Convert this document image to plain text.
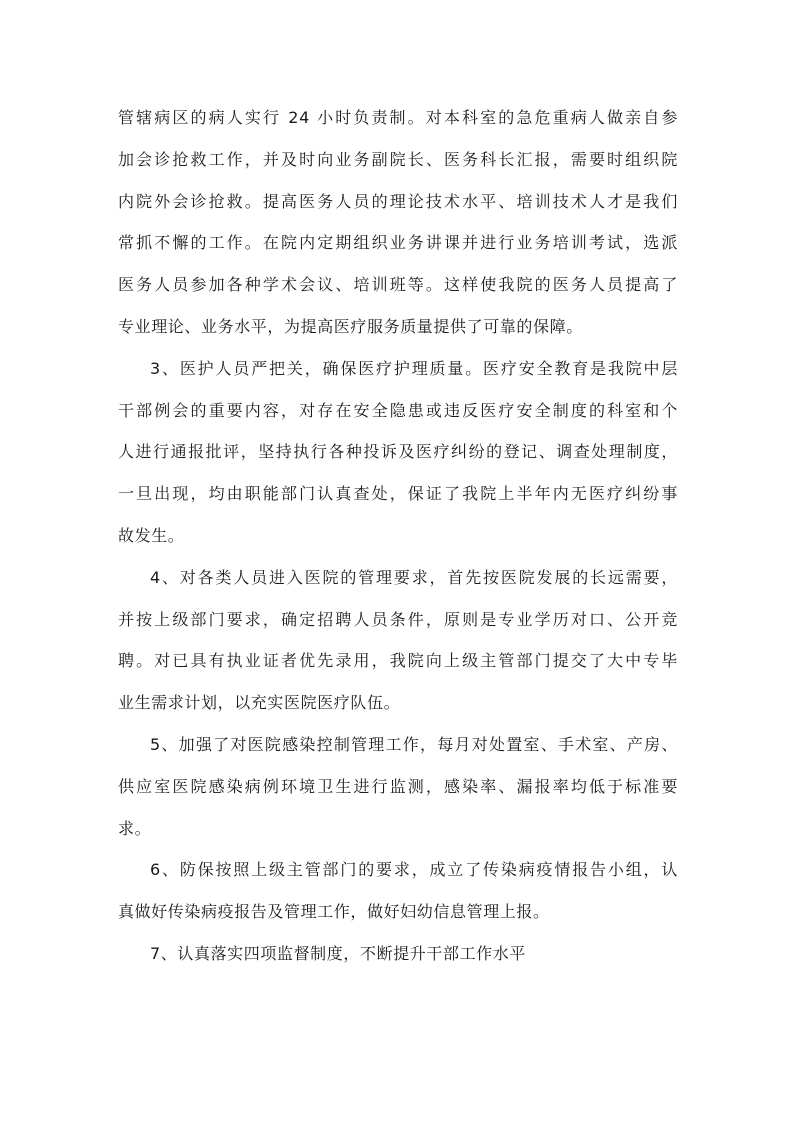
管辖病区的病人实行 24 小时负责制。对本科室的急危重病人做亲自参
加会诊抢救工作，并及时向业务副院长、医务科长汇报，需要时组织院
内院外会诊抢救。提高医务人员的理论技术水平、培训技术人才是我们
常抓不懈的工作。在院内定期组织业务讲课并进行业务培训考试，选派
医务人员参加各种学术会议、培训班等。这样使我院的医务人员提高了
专业理论、业务水平，为提高医疗服务质量提供了可靠的保障。
3、医护人员严把关，确保医疗护理质量。医疗安全教育是我院中层
干部例会的重要内容，对存在安全隐患或违反医疗安全制度的科室和个
人进行通报批评，坚持执行各种投诉及医疗纠纷的登记、调查处理制度，
一旦出现，均由职能部门认真查处，保证了我院上半年内无医疗纠纷事
故发生。
4、对各类人员进入医院的管理要求，首先按医院发展的长远需要，
并按上级部门要求，确定招聘人员条件，原则是专业学历对口、公开竞
聘。对已具有执业证者优先录用，我院向上级主管部门提交了大中专毕
业生需求计划，以充实医院医疗队伍。
5、加强了对医院感染控制管理工作，每月对处置室、手术室、产房、
供应室医院感染病例环境卫生进行监测，感染率、漏报率均低于标准要
求。
6、防保按照上级主管部门的要求，成立了传染病疫情报告小组，认
真做好传染病疫报告及管理工作，做好妇幼信息管理上报。
7、认真落实四项监督制度，不断提升干部工作水平
